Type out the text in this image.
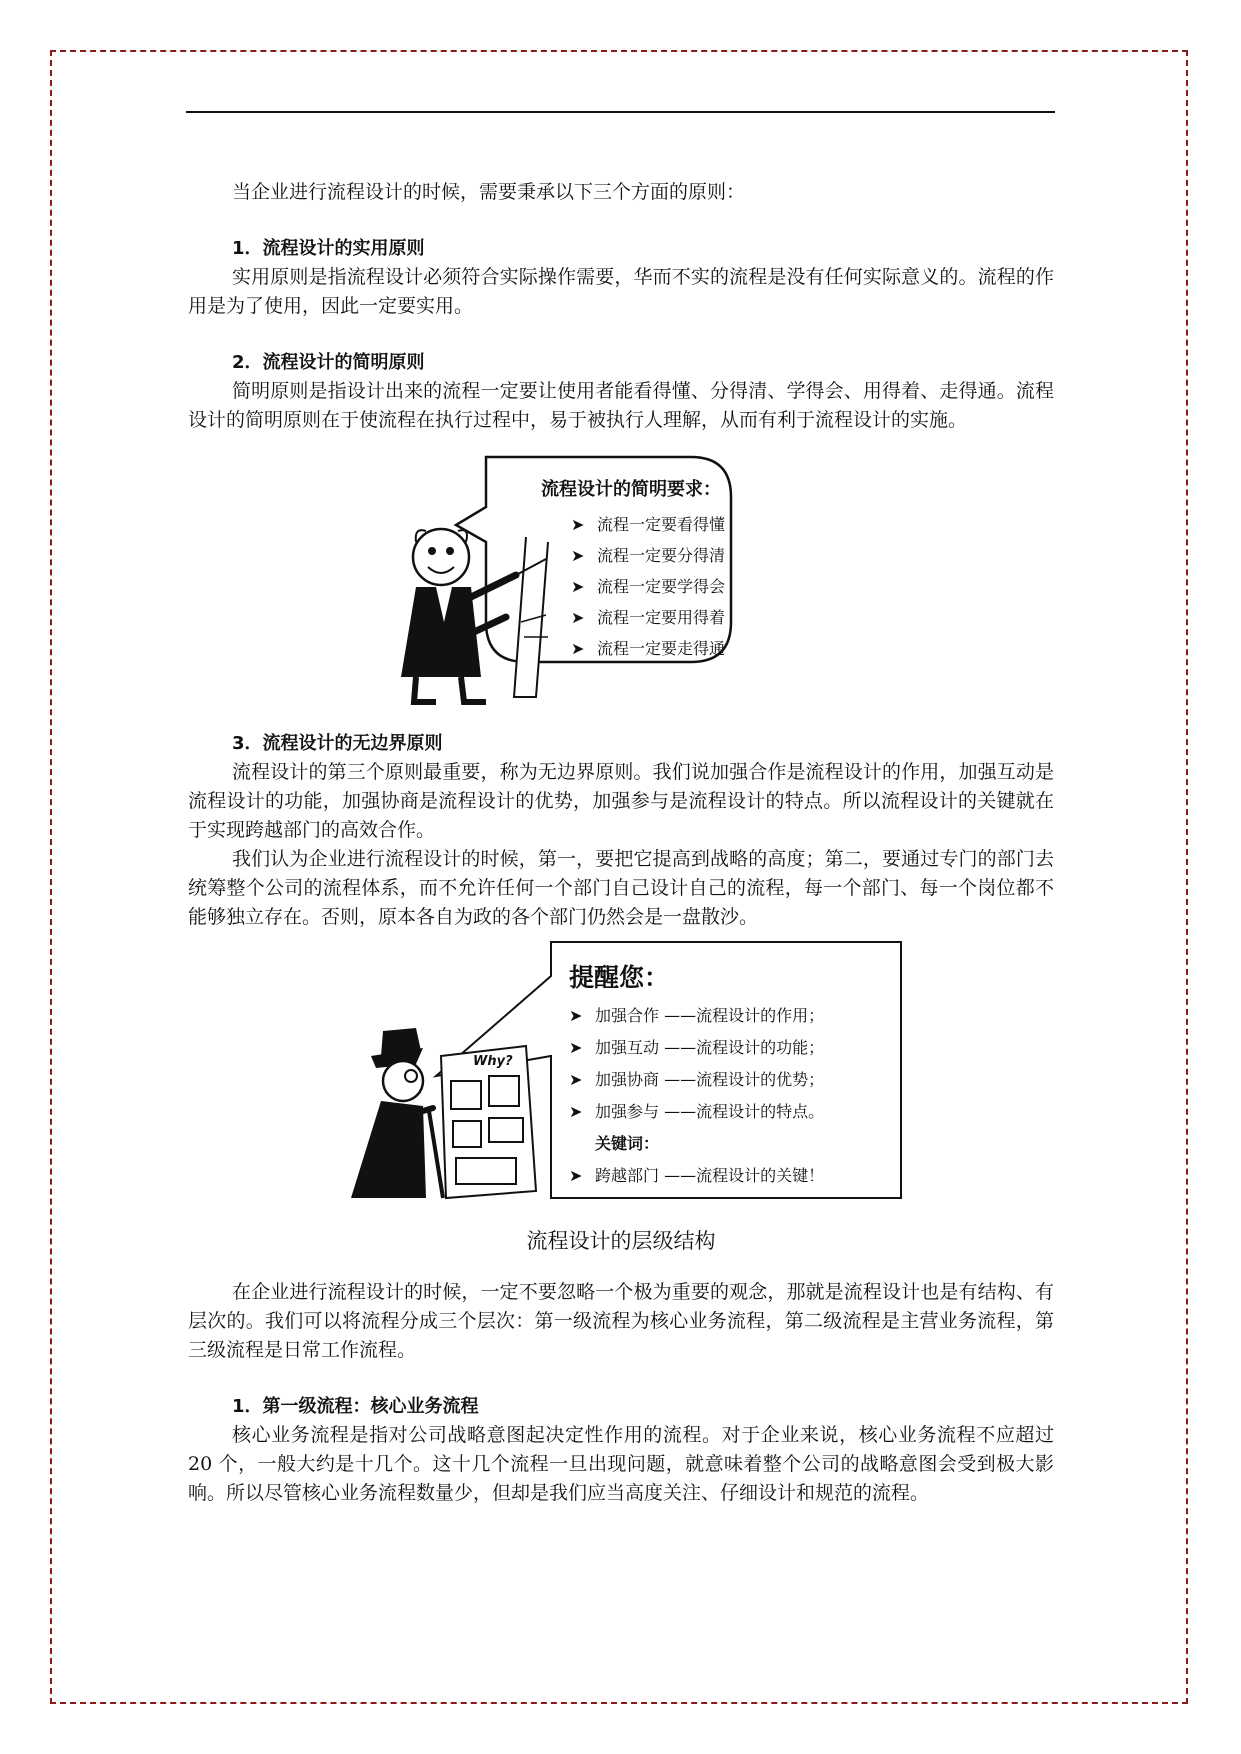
当企业进行流程设计的时候，需要秉承以下三个方面的原则：

1．流程设计的实用原则

实用原则是指流程设计必须符合实际操作需要，华而不实的流程是没有任何实际意义的。流程的作用是为了使用，因此一定要实用。

2．流程设计的简明原则

简明原则是指设计出来的流程一定要让使用者能看得懂、分得清、学得会、用得着、走得通。流程设计的简明原则在于使流程在执行过程中，易于被执行人理解，从而有利于流程设计的实施。

流程设计的简明要求：
➤ 流程一定要看得懂
➤ 流程一定要分得清
➤ 流程一定要学得会
➤ 流程一定要用得着
➤ 流程一定要走得通
3．流程设计的无边界原则

流程设计的第三个原则最重要，称为无边界原则。我们说加强合作是流程设计的作用，加强互动是流程设计的功能，加强协商是流程设计的优势，加强参与是流程设计的特点。所以流程设计的关键就在于实现跨越部门的高效合作。

我们认为企业进行流程设计的时候，第一，要把它提高到战略的高度；第二，要通过专门的部门去统筹整个公司的流程体系，而不允许任何一个部门自己设计自己的流程，每一个部门、每一个岗位都不能够独立存在。否则，原本各自为政的各个部门仍然会是一盘散沙。

Why?
提醒您：
➤ 加强合作 ——流程设计的作用；
➤ 加强互动 ——流程设计的功能；
➤ 加强协商 ——流程设计的优势；
➤ 加强参与 ——流程设计的特点。
关键词：
➤ 跨越部门 ——流程设计的关键！
流程设计的层级结构

在企业进行流程设计的时候，一定不要忽略一个极为重要的观念，那就是流程设计也是有结构、有层次的。我们可以将流程分成三个层次：第一级流程为核心业务流程，第二级流程是主营业务流程，第三级流程是日常工作流程。

1．第一级流程：核心业务流程

核心业务流程是指对公司战略意图起决定性作用的流程。对于企业来说，核心业务流程不应超过 20 个，一般大约是十几个。这十几个流程一旦出现问题，就意味着整个公司的战略意图会受到极大影响。所以尽管核心业务流程数量少，但却是我们应当高度关注、仔细设计和规范的流程。
